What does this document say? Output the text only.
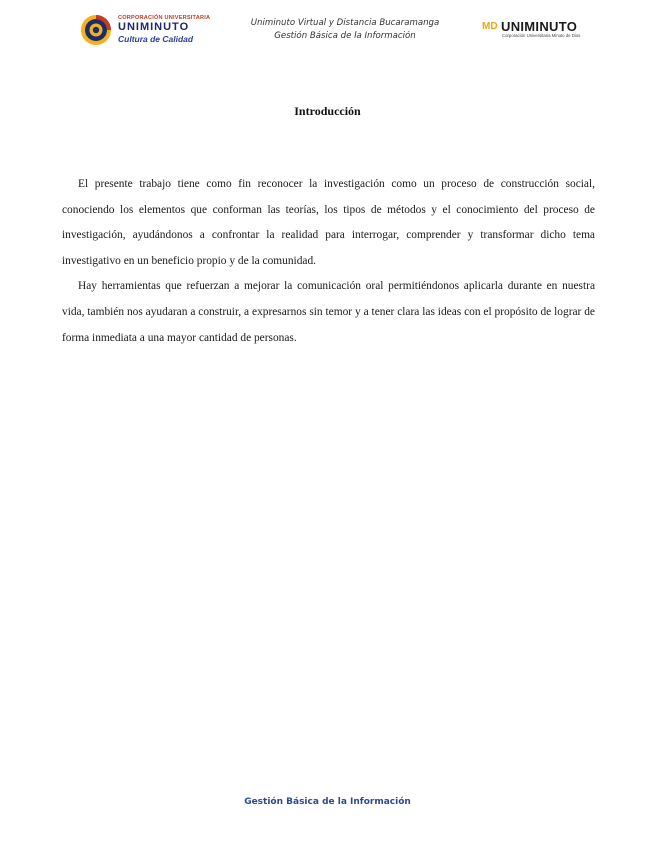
CORPORACIÓN UNIVERSITARIA
UNIMINUTO
Cultura de Calidad
Uniminuto Virtual y Distancia Bucaramanga
Gestión Básica de la Información
MD UNIMINUTO
Corporación Universitaria Minuto de Dios
Introducción

El presente trabajo tiene como fin reconocer la investigación como un proceso de construcción social, conociendo los elementos que conforman las teorías, los tipos de métodos y el conocimiento del proceso de investigación, ayudándonos a confrontar la realidad para interrogar, comprender y transformar dicho tema investigativo en un beneficio propio y de la comunidad.

Hay herramientas que refuerzan a mejorar la comunicación oral permitiéndonos aplicarla durante en nuestra vida, también nos ayudaran a construir, a expresarnos sin temor y a tener clara las ideas con el propósito de lograr de forma inmediata a una mayor cantidad de personas.

Gestión Básica de la Información
